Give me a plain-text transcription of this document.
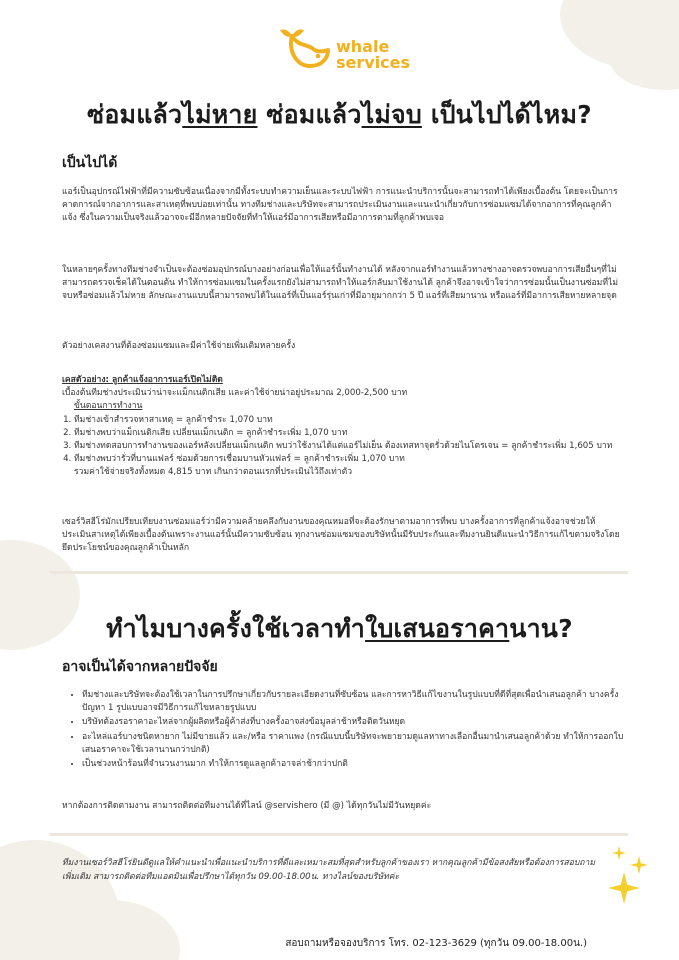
whale
services
ซ่อมแล้วไม่หาย ซ่อมแล้วไม่จบ เป็นไปได้ไหม?
เป็นไปได้
แอร์เป็นอุปกรณ์ไฟฟ้าที่มีความซับซ้อนเนื่องจากมีทั้งระบบทำความเย็นและระบบไฟฟ้า การแนะนำบริการนั้นจะสามารถทำได้เพียงเบื้องต้น โดยจะเป็นการคาดการณ์จากอาการและสาเหตุที่พบบ่อยเท่านั้น ทางทีมช่างและบริษัทจะสามารถประเมินงานและแนะนำเกี่ยวกับการซ่อมแซมได้จากอาการที่คุณลูกค้าแจ้ง ซึ่งในความเป็นจริงแล้วอาจจะมีอีกหลายปัจจัยที่ทำให้แอร์มีอาการเสียหรือมีอาการตามที่ลูกค้าพบเจอ
ในหลายๆครั้งทางทีมช่างจำเป็นจะต้องซ่อมอุปกรณ์บางอย่างก่อนเพื่อให้แอร์นั้นทำงานได้ หลังจากแอร์ทำงานแล้วทางช่างอาจตรวจพบอาการเสียอื่นๆที่ไม่สามารถตรวจเช็คได้ในตอนต้น ทำให้การซ่อมแซมในครั้งแรกยังไม่สามารถทำให้แอร์กลับมาใช้งานได้ ลูกค้าจึงอาจเข้าใจว่าการซ่อมนั้นเป็นงานซ่อมที่ไม่จบหรือซ่อมแล้วไม่หาย ลักษณะงานแบบนี้สามารถพบได้ในแอร์ที่เป็นแอร์รุ่นเก่าที่มีอายุมากกว่า 5 ปี แอร์ที่เสียมานาน หรือแอร์ที่มีอาการเสียหายหลายจุด
ตัวอย่างเคสงานที่ต้องซ่อมแซมและมีค่าใช้จ่ายเพิ่มเติมหลายครั้ง
เคสตัวอย่าง: ลูกค้าแจ้งอาการแอร์เปิดไม่ติด
เบื้องต้นทีมช่างประเมินว่าน่าจะแม็กเนติกเสีย และค่าใช้จ่ายน่าอยู่ประมาณ 2,000-2,500 บาท
ขั้นตอนการทำงาน
1. ทีมช่างเข้าสำรวจหาสาเหตุ = ลูกค้าชำระ 1,070 บาท
2. ทีมช่างพบว่าแม็กเนติกเสีย เปลี่ยนแม็กเนติก = ลูกค้าชำระเพิ่ม 1,070 บาท
3. ทีมช่างทดสอบการทำงานของแอร์หลังเปลี่ยนแม็กเนติก พบว่าใช้งานได้แต่แอร์ไม่เย็น ต้องเทสหาจุดรั่วด้วยไนโตรเจน = ลูกค้าชำระเพิ่ม 1,605 บาท
4. ทีมช่างพบว่ารั่วที่บานแฟลร์ ซ่อมด้วยการเชื่อมบานหัวแฟลร์ = ลูกค้าชำระเพิ่ม 1,070 บาท
รวมค่าใช้จ่ายจริงทั้งหมด 4,815 บาท เกินกว่าตอนแรกที่ประเมินไว้ถึงเท่าตัว
เซอร์วิสฮีโร่มักเปรียบเทียบงานซ่อมแอร์ว่ามีความคล้ายคลึงกับงานของคุณหมอที่จะต้องรักษาตามอาการที่พบ บางครั้งอาการที่ลูกค้าแจ้งอาจช่วยให้ประเมินสาเหตุได้เพียงเบื้องต้นเพราะงานแอร์นั้นมีความซับซ้อน ทุกงานซ่อมแซมของบริษัทนั้นมีรับประกันและทีมงานยินดีแนะนำวิธีการแก้ไขตามจริงโดยยึดประโยชน์ของคุณลูกค้าเป็นหลัก
ทำไมบางครั้งใช้เวลาทำใบเสนอราคานาน?
อาจเป็นได้จากหลายปัจจัย
• ทีมช่างและบริษัทจะต้องใช้เวลาในการปรึกษาเกี่ยวกับรายละเอียดงานที่ซับซ้อน และการหาวิธีแก้ไขงานในรูปแบบที่ดีที่สุดเพื่อนำเสนอลูกค้า บางครั้งปัญหา 1 รูปแบบอาจมีวิธีการแก้ไขหลายรูปแบบ
• บริษัทต้องรอราคาอะไหล่จากผู้ผลิตหรือผู้ค้าส่งที่บางครั้งอาจส่งข้อมูลล่าช้าหรือติดวันหยุด
• อะไหล่แอร์บางชนิดหายาก ไม่มีขายแล้ว และ/หรือ ราคาแพง (กรณีแบบนี้บริษัทจะพยายามดูแลหาทางเลือกอื่นมานำเสนอลูกค้าด้วย ทำให้การออกใบเสนอราคาจะใช้เวลานานกว่าปกติ)
• เป็นช่วงหน้าร้อนที่จำนวนงานมาก ทำให้การดูแลลูกค้าอาจล่าช้ากว่าปกติ
หากต้องการติดตามงาน สามารถติดต่อทีมงานได้ที่ไลน์ @servishero (มี @) ได้ทุกวันไม่มีวันหยุดค่ะ
ทีมงานเซอร์วิสฮีโร่ยินดีดูแลให้คำแนะนำเพื่อแนะนำบริการที่ดีและเหมาะสมที่สุดสำหรับลูกค้าของเรา หากคุณลูกค้ามีข้อสงสัยหรือต้องการสอบถามเพิ่มเติม สามารถติดต่อทีมแอดมินเพื่อปรึกษาได้ทุกวัน 09.00-18.00น. ทางไลน์ของบริษัทค่ะ
สอบถามหรือจองบริการ โทร. 02-123-3629 (ทุกวัน 09.00-18.00น.)
